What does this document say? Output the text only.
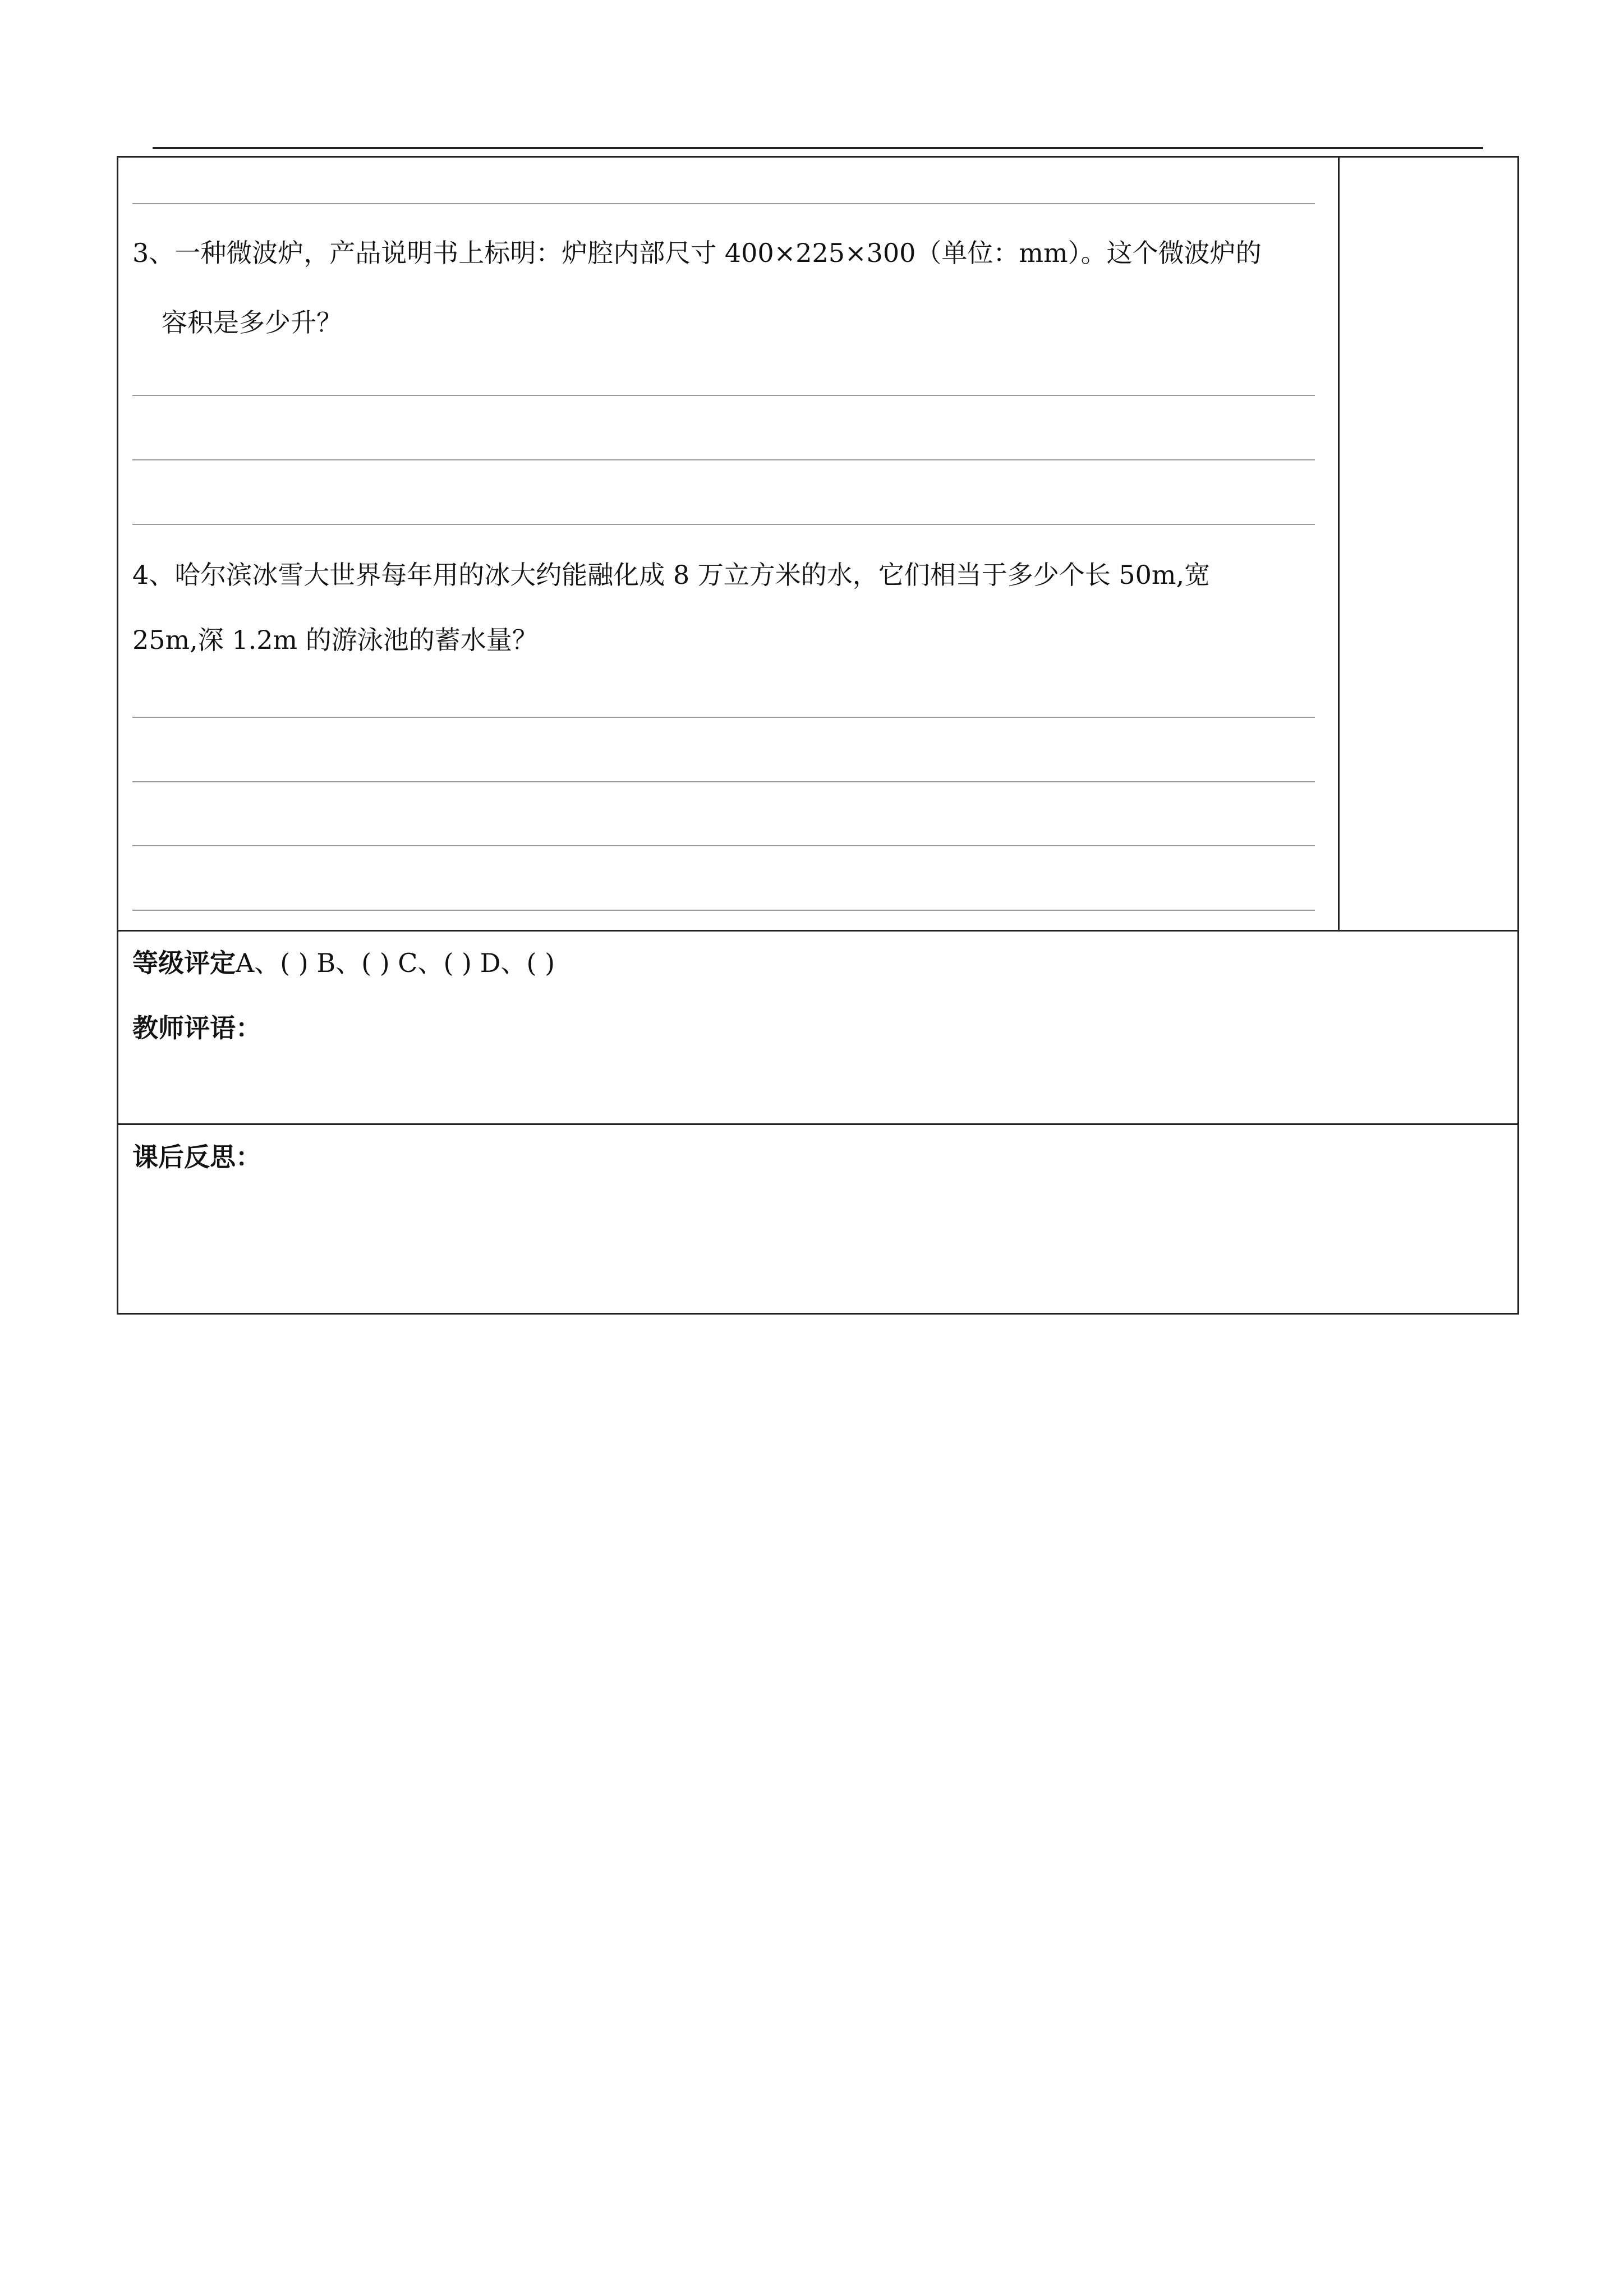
3、一种微波炉，产品说明书上标明：炉腔内部尺寸 400×225×300（单位：mm）。这个微波炉的
容积是多少升？
4、哈尔滨冰雪大世界每年用的冰大约能融化成 8 万立方米的水，它们相当于多少个长 50m,宽
25m,深 1.2m 的游泳池的蓄水量？
等级评定A、( ) B、( ) C、( ) D、( )
教师评语：
课后反思：
